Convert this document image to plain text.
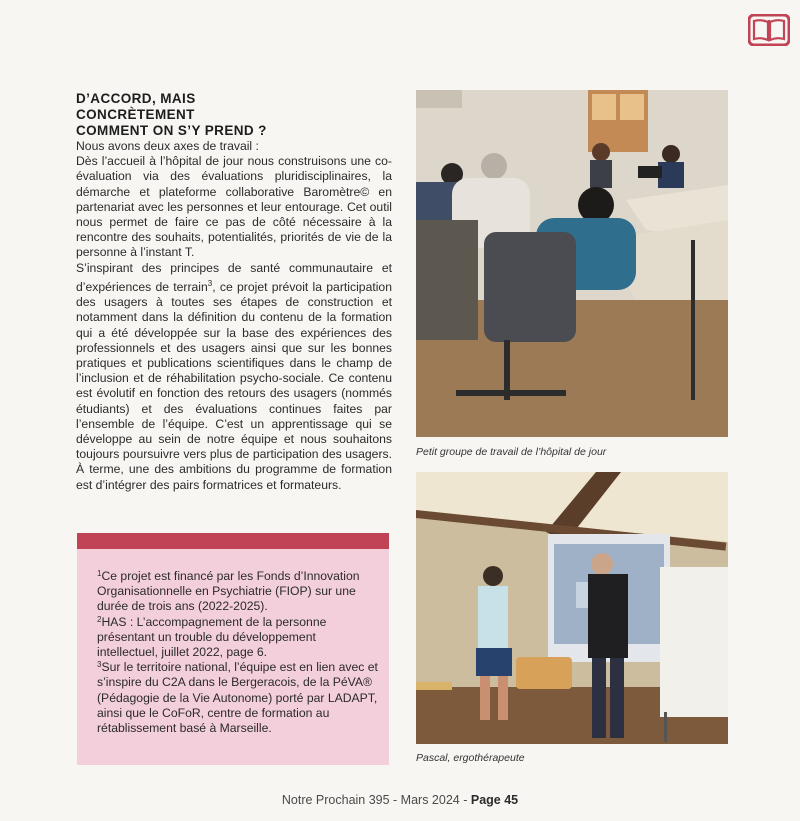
D’ACCORD, MAIS
CONCRÈTEMENT
COMMENT ON S’Y PREND ?

Nous avons deux axes de travail :

Dès l’accueil à l’hôpital de jour nous construisons une co-évaluation via des évaluations pluridisciplinaires, la démarche et plateforme collaborative Baromètre© en partenariat avec les personnes et leur entourage. Cet outil nous permet de faire ce pas de côté nécessaire à la rencontre des souhaits, potentialités, priorités de vie de la personne à l’instant T.

S’inspirant des principes de santé communautaire et d’expériences de terrain$^3$, ce projet prévoit la participation des usagers à toutes ses étapes de construction et notamment dans la définition du contenu de la formation qui a été développée sur la base des expériences des professionnels et des usagers ainsi que sur les bonnes pratiques et publications scientifiques dans le champ de l’inclusion et de réhabilitation psycho-sociale. Ce contenu est évolutif en fonction des retours des usagers (nommés étudiants) et des évaluations continues faites par l’ensemble de l’équipe. C’est un apprentissage qui se développe au sein de notre équipe et nous souhaitons toujours poursuivre vers plus de participation des usagers. À terme, une des ambitions du programme de formation est d’intégrer des pairs formatrices et formateurs.

$^1$Ce projet est financé par les Fonds d’Innovation Organisationnelle en Psychiatrie (FIOP) sur une durée de trois ans (2022-2025).

$^2$HAS : L’accompagnement de la personne présentant un trouble du développement intellectuel, juillet 2022, page 6.

$^3$Sur le territoire national, l’équipe est en lien avec et s’inspire du C2A dans le Bergeracois, de la PéVA® (Pédagogie de la Vie Autonome) porté par LADAPT, ainsi que le CoFoR, centre de formation au rétablissement basé à Marseille.

Petit groupe de travail de l’hôpital de jour
Pascal, ergothérapeute
Notre Prochain 395 - Mars 2024 - Page 45
